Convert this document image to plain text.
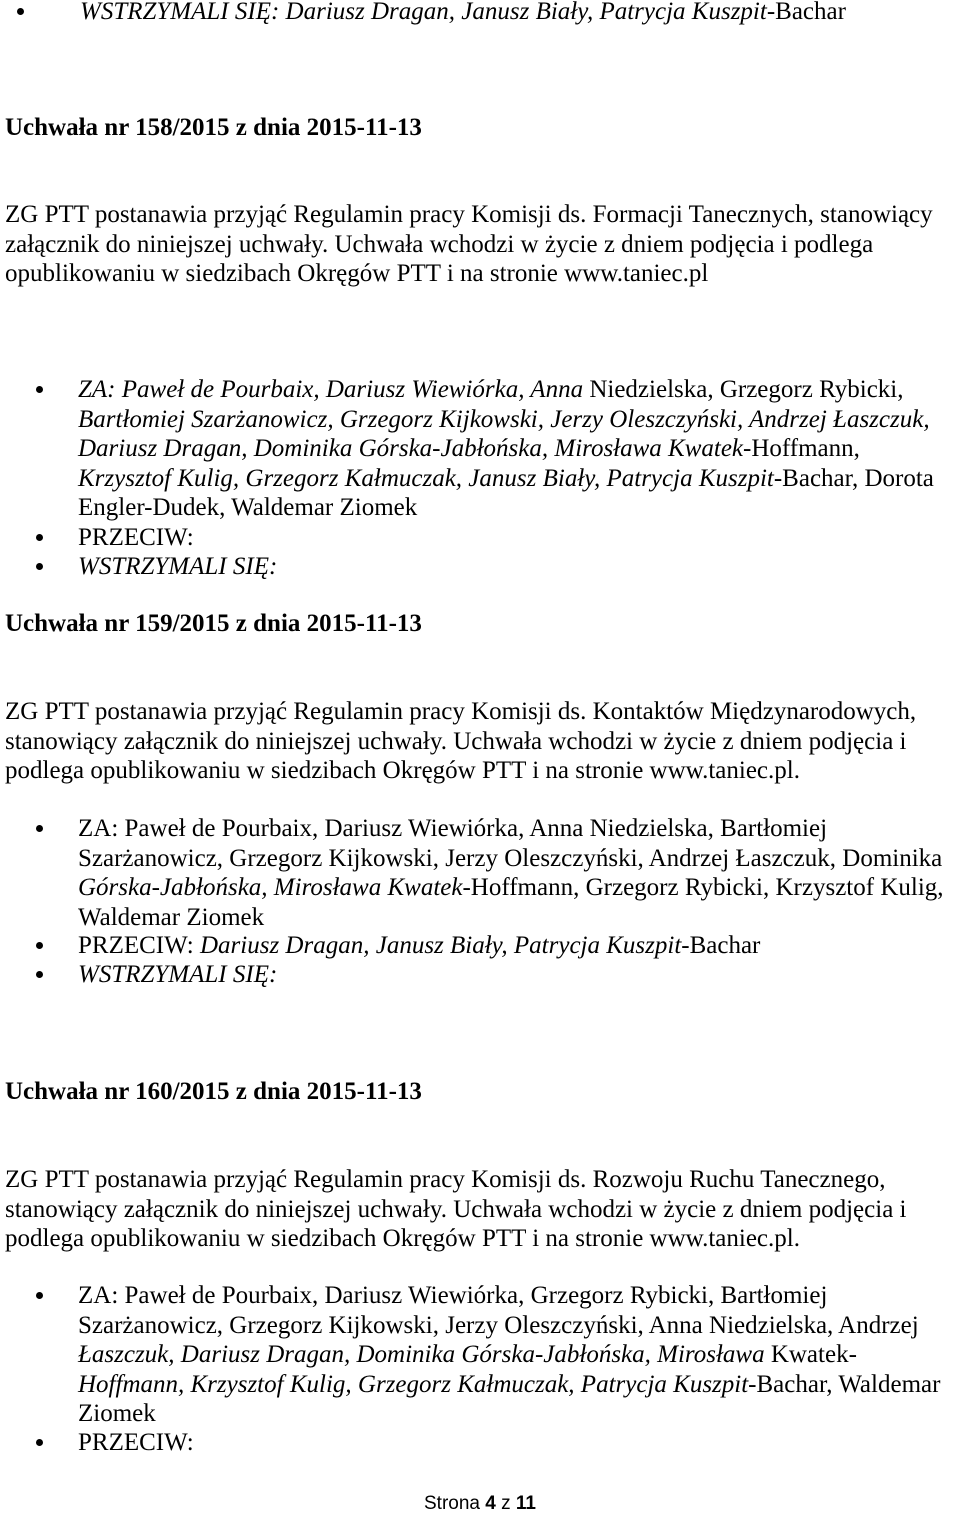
WSTRZYMALI SIĘ: Dariusz Dragan, Janusz Biały, Patrycja Kuszpit-Bachar
Uchwała nr 158/2015 z dnia 2015-11-13
ZG PTT postanawia przyjąć Regulamin pracy Komisji ds. Formacji Tanecznych, stanowiący
załącznik do niniejszej uchwały. Uchwała wchodzi w życie z dniem podjęcia i podlega
opublikowaniu w siedzibach Okręgów PTT i na stronie www.taniec.pl
ZA: Paweł de Pourbaix, Dariusz Wiewiórka, Anna Niedzielska, Grzegorz Rybicki,
Bartłomiej Szarżanowicz, Grzegorz Kijkowski, Jerzy Oleszczyński, Andrzej Łaszczuk,
Dariusz Dragan, Dominika Górska-Jabłońska, Mirosława Kwatek-Hoffmann,
Krzysztof Kulig, Grzegorz Kałmuczak, Janusz Biały, Patrycja Kuszpit-Bachar, Dorota
Engler-Dudek, Waldemar Ziomek
PRZECIW:
WSTRZYMALI SIĘ:
Uchwała nr 159/2015 z dnia 2015-11-13
ZG PTT postanawia przyjąć Regulamin pracy Komisji ds. Kontaktów Międzynarodowych,
stanowiący załącznik do niniejszej uchwały. Uchwała wchodzi w życie z dniem podjęcia i
podlega opublikowaniu w siedzibach Okręgów PTT i na stronie www.taniec.pl.
ZA: Paweł de Pourbaix, Dariusz Wiewiórka, Anna Niedzielska, Bartłomiej
Szarżanowicz, Grzegorz Kijkowski, Jerzy Oleszczyński, Andrzej Łaszczuk, Dominika
Górska-Jabłońska, Mirosława Kwatek-Hoffmann, Grzegorz Rybicki, Krzysztof Kulig,
Waldemar Ziomek
PRZECIW: Dariusz Dragan, Janusz Biały, Patrycja Kuszpit-Bachar
WSTRZYMALI SIĘ:
Uchwała nr 160/2015 z dnia 2015-11-13
ZG PTT postanawia przyjąć Regulamin pracy Komisji ds. Rozwoju Ruchu Tanecznego,
stanowiący załącznik do niniejszej uchwały. Uchwała wchodzi w życie z dniem podjęcia i
podlega opublikowaniu w siedzibach Okręgów PTT i na stronie www.taniec.pl.
ZA: Paweł de Pourbaix, Dariusz Wiewiórka, Grzegorz Rybicki, Bartłomiej
Szarżanowicz, Grzegorz Kijkowski, Jerzy Oleszczyński, Anna Niedzielska, Andrzej
Łaszczuk, Dariusz Dragan, Dominika Górska-Jabłońska, Mirosława Kwatek-
Hoffmann, Krzysztof Kulig, Grzegorz Kałmuczak, Patrycja Kuszpit-Bachar, Waldemar
Ziomek
PRZECIW:
Strona 4 z 11
